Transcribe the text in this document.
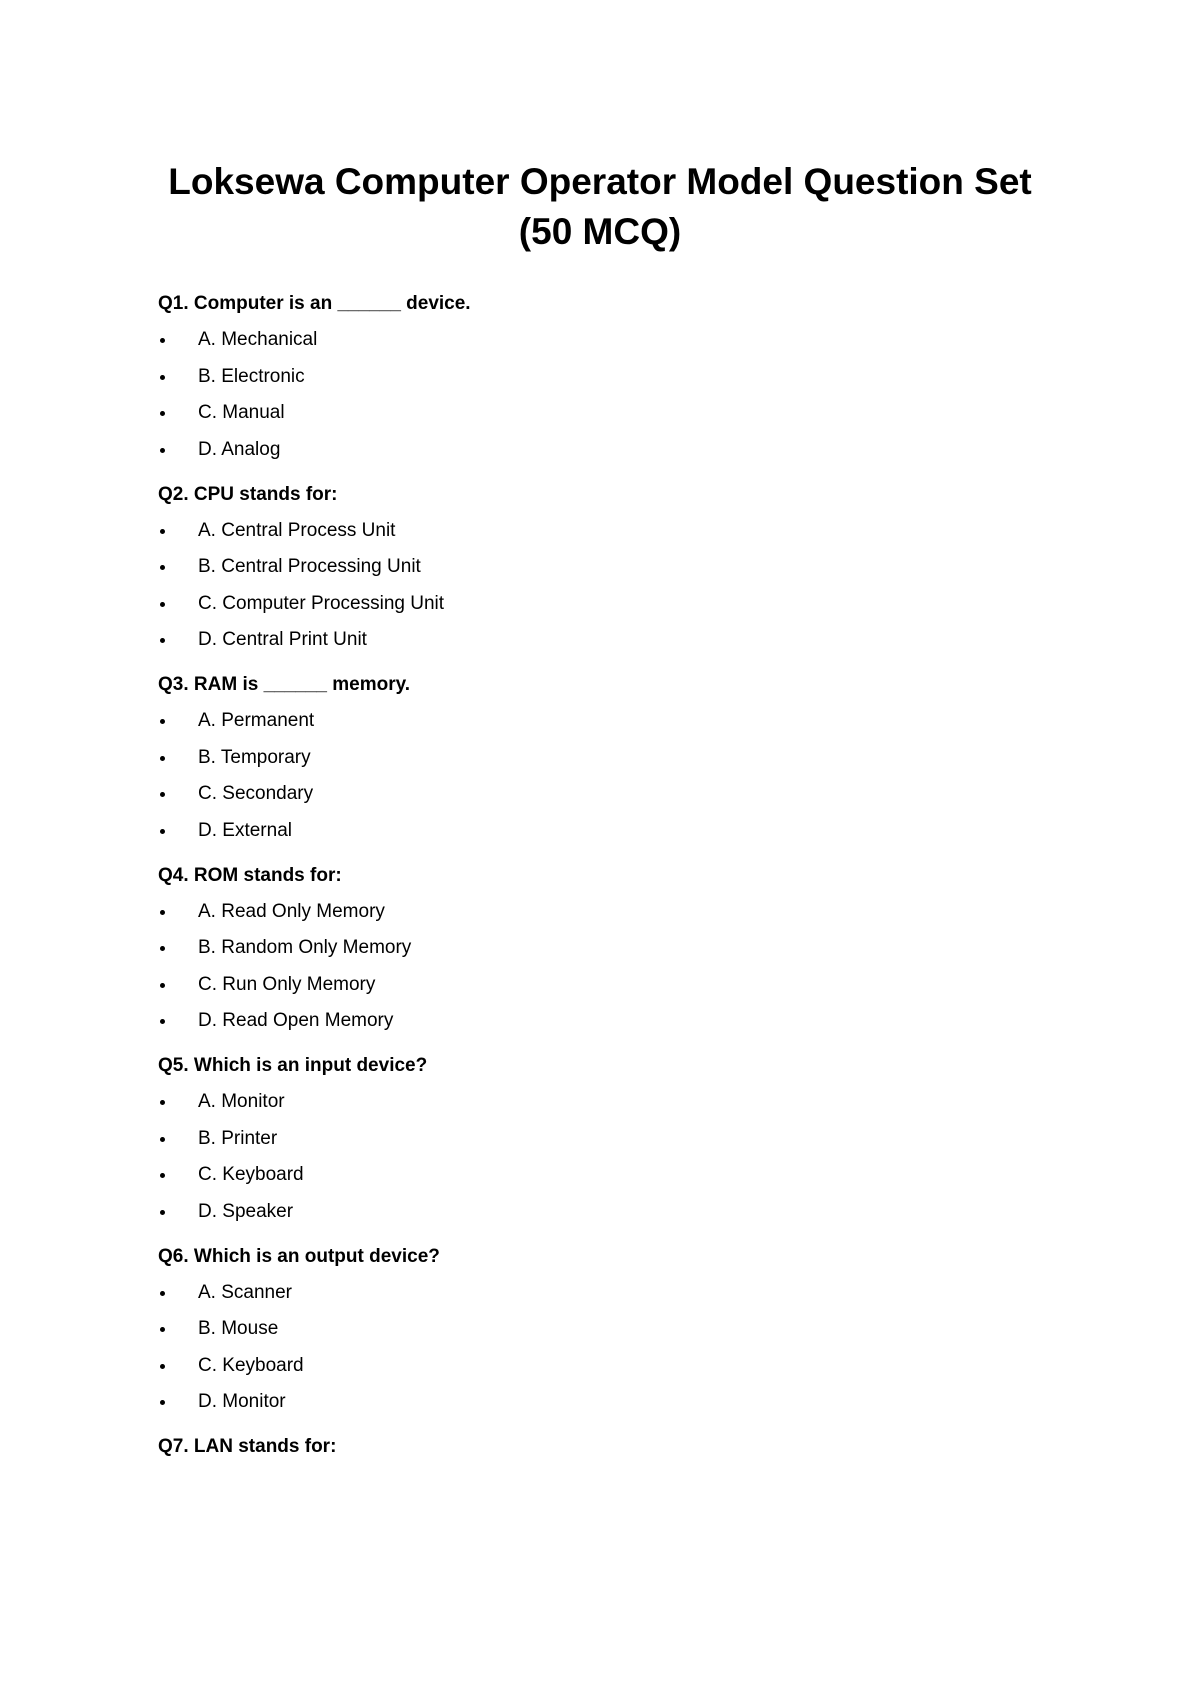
Loksewa Computer Operator Model Question Set
(50 MCQ)
Q1. Computer is an ______ device.
A. Mechanical
B. Electronic
C. Manual
D. Analog
Q2. CPU stands for:
A. Central Process Unit
B. Central Processing Unit
C. Computer Processing Unit
D. Central Print Unit
Q3. RAM is ______ memory.
A. Permanent
B. Temporary
C. Secondary
D. External
Q4. ROM stands for:
A. Read Only Memory
B. Random Only Memory
C. Run Only Memory
D. Read Open Memory
Q5. Which is an input device?
A. Monitor
B. Printer
C. Keyboard
D. Speaker
Q6. Which is an output device?
A. Scanner
B. Mouse
C. Keyboard
D. Monitor
Q7. LAN stands for:
